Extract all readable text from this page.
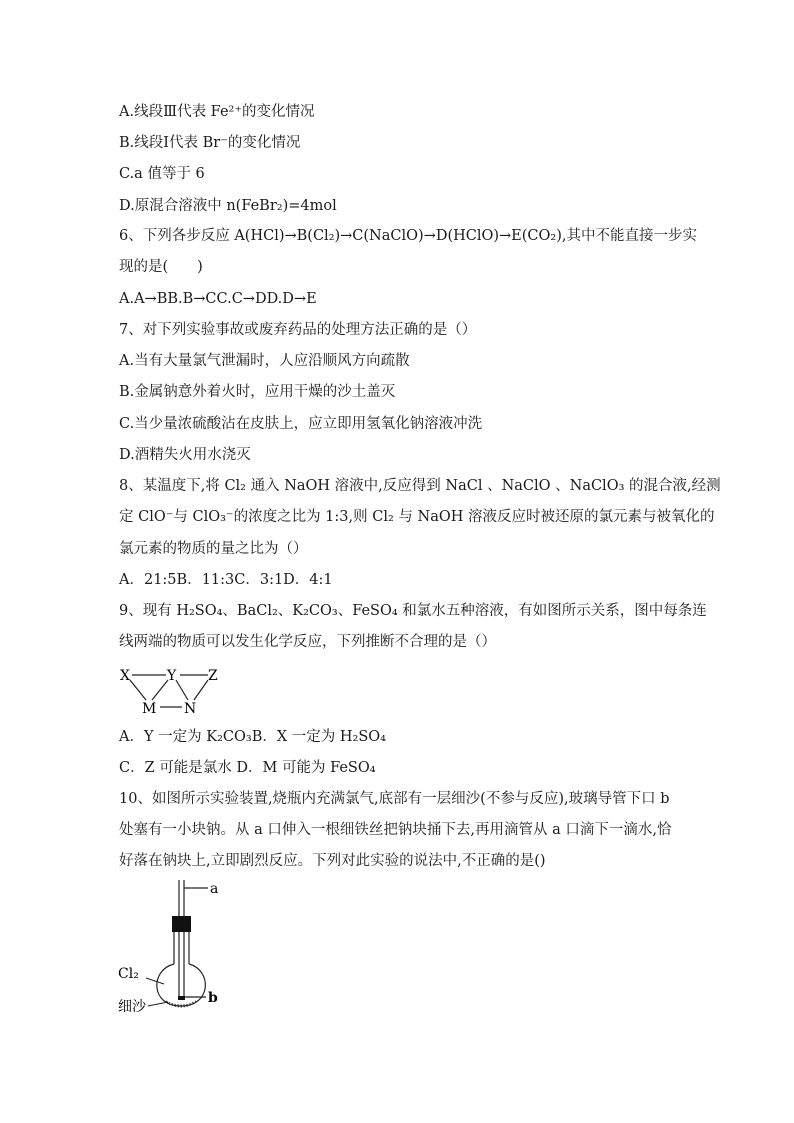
A.线段Ⅲ代表 Fe²⁺的变化情况
B.线段Ⅰ代表 Br⁻的变化情况
C.a 值等于 6
D.原混合溶液中 n(FeBr₂)=4mol
6、下列各步反应 A(HCl)→B(Cl₂)→C(NaClO)→D(HClO)→E(CO₂),其中不能直接一步实
现的是(　　)
A.A→BB.B→CC.C→DD.D→E
7、对下列实验事故或废弃药品的处理方法正确的是（）
A.当有大量氯气泄漏时，人应沿顺风方向疏散
B.金属钠意外着火时，应用干燥的沙土盖灭
C.当少量浓硫酸沾在皮肤上，应立即用氢氧化钠溶液冲洗
D.酒精失火用水浇灭
8、某温度下,将 Cl₂ 通入 NaOH 溶液中,反应得到 NaCl 、NaClO 、NaClO₃ 的混合液,经测
定 ClO⁻与 ClO₃⁻的浓度之比为 1:3,则 Cl₂ 与 NaOH 溶液反应时被还原的氯元素与被氧化的
氯元素的物质的量之比为（）
A．21:5B．11:3C．3:1D．4:1
9、现有 H₂SO₄、BaCl₂、K₂CO₃、FeSO₄ 和氯水五种溶液，有如图所示关系，图中每条连
线两端的物质可以发生化学反应，下列推断不合理的是（）
X	Y Z
M N
A．Y 一定为 K₂CO₃B．X 一定为 H₂SO₄
C．Z 可能是氯水 D．M 可能为 FeSO₄
10、如图所示实验装置,烧瓶内充满氯气,底部有一层细沙(不参与反应),玻璃导管下口 b
处塞有一小块钠。从 a 口伸入一根细铁丝把钠块捅下去,再用滴管从 a 口滴下一滴水,恰
好落在钠块上,立即剧烈反应。下列对此实验的说法中,不正确的是()
a
b
Cl₂
细沙
